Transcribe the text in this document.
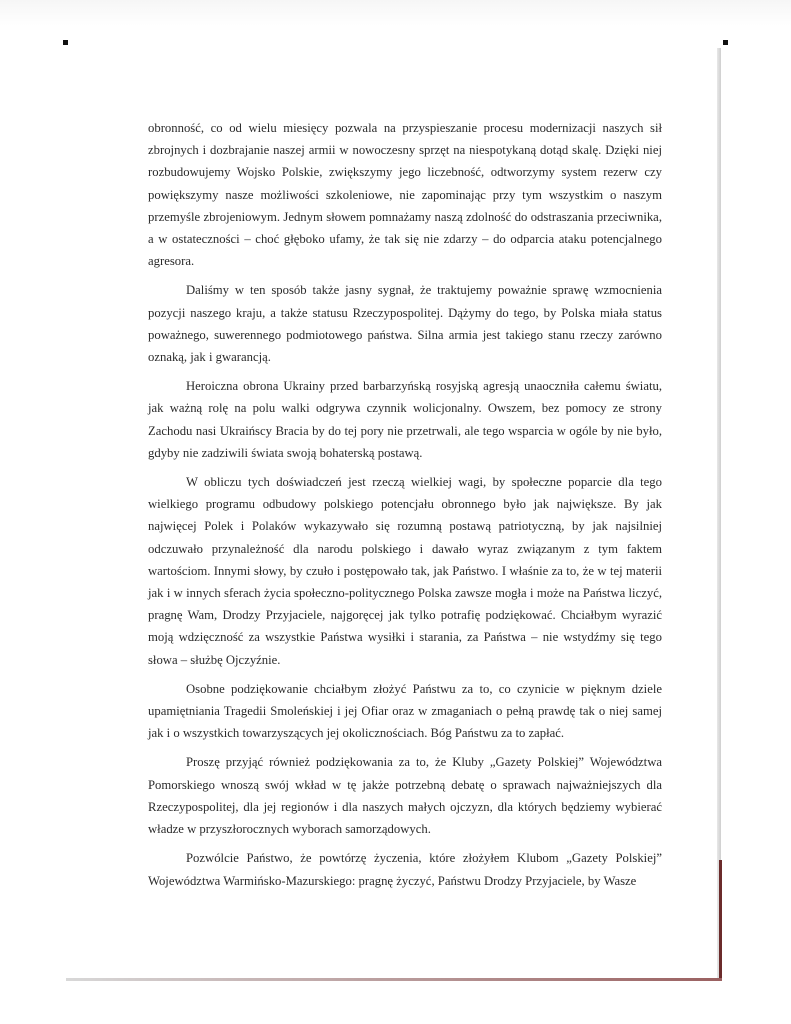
obronność, co od wielu miesięcy pozwala na przyspieszanie procesu modernizacji naszych sił zbrojnych i dozbrajanie naszej armii w nowoczesny sprzęt na niespotykaną dotąd skalę. Dzięki niej rozbudowujemy Wojsko Polskie, zwiększymy jego liczebność, odtworzymy system rezerw czy powiększymy nasze możliwości szkoleniowe, nie zapominając przy tym wszystkim o naszym przemyśle zbrojeniowym. Jednym słowem pomnażamy naszą zdolność do odstraszania przeciwnika, a w ostateczności – choć głęboko ufamy, że tak się nie zdarzy – do odparcia ataku potencjalnego agresora.

Daliśmy w ten sposób także jasny sygnał, że traktujemy poważnie sprawę wzmocnienia pozycji naszego kraju, a także statusu Rzeczypospolitej. Dążymy do tego, by Polska miała status poważnego, suwerennego podmiotowego państwa. Silna armia jest takiego stanu rzeczy zarówno oznaką, jak i gwarancją.

Heroiczna obrona Ukrainy przed barbarzyńską rosyjską agresją unaoczniła całemu światu, jak ważną rolę na polu walki odgrywa czynnik wolicjonalny. Owszem, bez pomocy ze strony Zachodu nasi Ukraińscy Bracia by do tej pory nie przetrwali, ale tego wsparcia w ogóle by nie było, gdyby nie zadziwili świata swoją bohaterską postawą.

W obliczu tych doświadczeń jest rzeczą wielkiej wagi, by społeczne poparcie dla tego wielkiego programu odbudowy polskiego potencjału obronnego było jak największe. By jak najwięcej Polek i Polaków wykazywało się rozumną postawą patriotyczną, by jak najsilniej odczuwało przynależność dla narodu polskiego i dawało wyraz związanym z tym faktem wartościom. Innymi słowy, by czuło i postępowało tak, jak Państwo. I właśnie za to, że w tej materii jak i w innych sferach życia społeczno-politycznego Polska zawsze mogła i może na Państwa liczyć, pragnę Wam, Drodzy Przyjaciele, najgoręcej jak tylko potrafię podziękować. Chciałbym wyrazić moją wdzięczność za wszystkie Państwa wysiłki i starania, za Państwa – nie wstydźmy się tego słowa – służbę Ojczyźnie.

Osobne podziękowanie chciałbym złożyć Państwu za to, co czynicie w pięknym dziele upamiętniania Tragedii Smoleńskiej i jej Ofiar oraz w zmaganiach o pełną prawdę tak o niej samej jak i o wszystkich towarzyszących jej okolicznościach. Bóg Państwu za to zapłać.

Proszę przyjąć również podziękowania za to, że Kluby „Gazety Polskiej” Województwa Pomorskiego wnoszą swój wkład w tę jakże potrzebną debatę o sprawach najważniejszych dla Rzeczypospolitej, dla jej regionów i dla naszych małych ojczyzn, dla których będziemy wybierać władze w przyszłorocznych wyborach samorządowych.

Pozwólcie Państwo, że powtórzę życzenia, które złożyłem Klubom „Gazety Polskiej” Województwa Warmińsko-Mazurskiego: pragnę życzyć, Państwu Drodzy Przyjaciele, by Wasze
